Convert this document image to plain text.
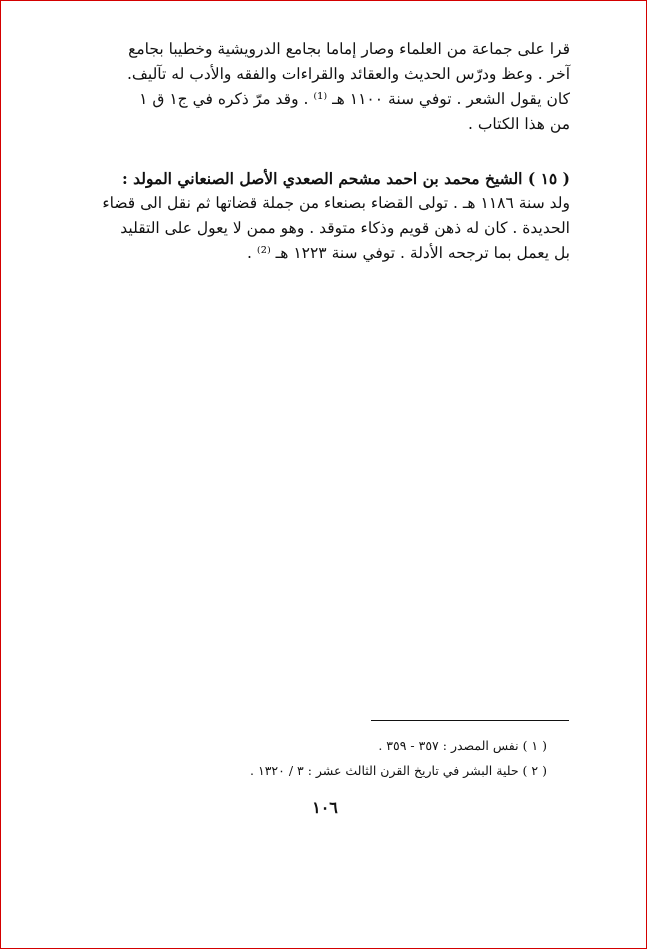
قرا على جماعة من العلماء وصار إماما بجامع الدرويشية وخطيبا بجامع
آخر . وعظ ودرّس الحديث والعقائد والقراءات والفقه والأدب له تآليف.
كان يقول الشعر . توفي سنة ١١٠٠ هـ ⁽¹⁾ . وقد مرّ ذكره في ج١ ق ١
من هذا الكتاب .
( ١٥ ) الشيخ محمد بن احمد مشحم الصعدي الأصل الصنعاني المولد :
ولد سنة ١١٨٦ هـ . تولى القضاء بصنعاء من جملة قضاتها ثم نقل الى قضاء
الحديدة . كان له ذهن قويم وذكاء متوقد . وهو ممن لا يعول على التقليد
بل يعمل بما ترجحه الأدلة . توفي سنة ١٢٢٣ هـ ⁽²⁾ .
( ١ ) نفس المصدر : ٣٥٧ - ٣٥٩ .
( ٢ ) حلية البشر في تاريخ القرن الثالث عشر : ٣ / ١٣٢٠ .
١٠٦
